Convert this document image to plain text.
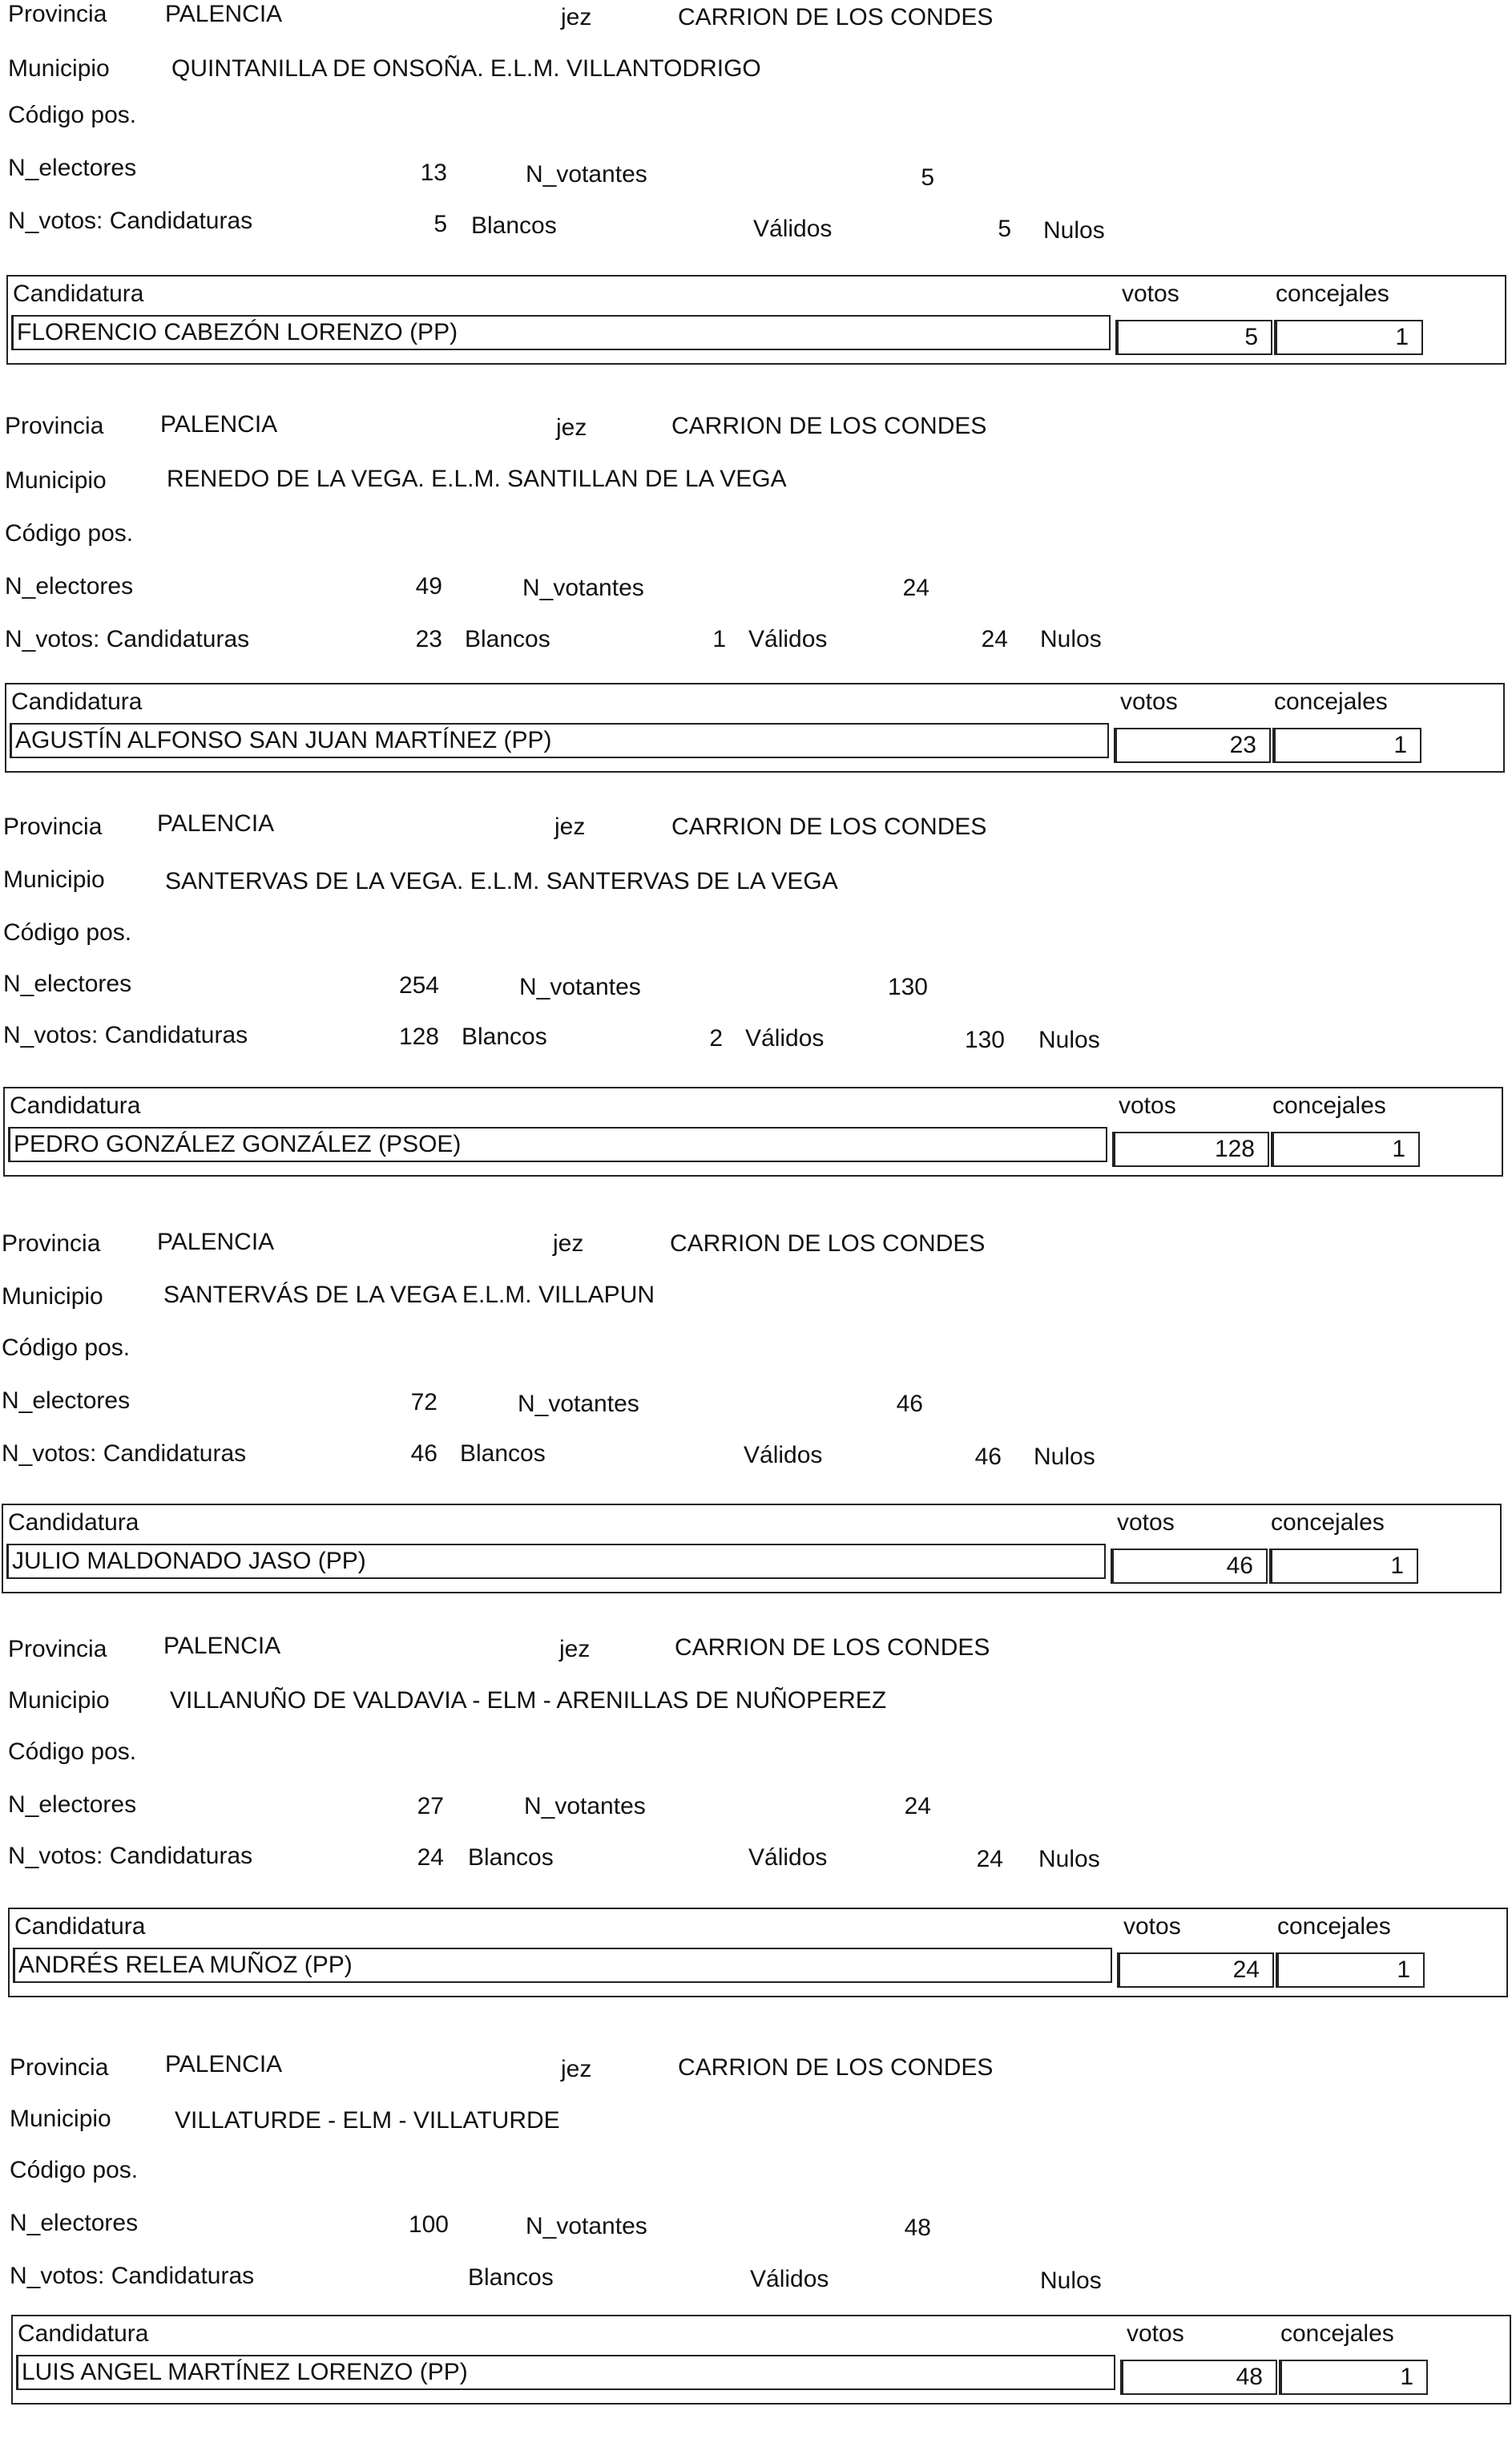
Provincia PALENCIA	jez	CARRION DE LOS CONDES
Municipio	QUINTANILLA DE ONSOÑA. E.L.M. VILLANTODRIGO
Código pos.
N_electores	13	N_votantes	5
N_votos: Candidaturas	5 Blancos	Válidos	5 Nulos
Candidatura	votos	concejales
FLORENCIO CABEZÓN LORENZO (PP)	5	1
Provincia PALENCIA	jez	CARRION DE LOS CONDES
Municipio	RENEDO DE LA VEGA. E.L.M. SANTILLAN DE LA VEGA
Código pos.
N_electores	49	N_votantes	24
N_votos: Candidaturas	23 Blancos	1 Válidos	24 Nulos
Candidatura	votos	concejales
AGUSTÍN ALFONSO SAN JUAN MARTÍNEZ (PP)	23	1
Provincia PALENCIA	jez	CARRION DE LOS CONDES
Municipio	SANTERVAS DE LA VEGA. E.L.M. SANTERVAS DE LA VEGA
Código pos.
N_electores	254	N_votantes	130
N_votos: Candidaturas	128 Blancos	2 Válidos	130 Nulos
Candidatura	votos	concejales
PEDRO GONZÁLEZ GONZÁLEZ (PSOE)	128	1
Provincia PALENCIA	jez	CARRION DE LOS CONDES
Municipio	SANTERVÁS DE LA VEGA E.L.M. VILLAPUN
Código pos.
N_electores	72	N_votantes	46
N_votos: Candidaturas	46 Blancos	Válidos	46 Nulos
Candidatura	votos	concejales
JULIO MALDONADO JASO (PP)	46	1
Provincia PALENCIA	jez	CARRION DE LOS CONDES
Municipio	VILLANUÑO DE VALDAVIA - ELM - ARENILLAS DE NUÑOPEREZ
Código pos.
N_electores	27	N_votantes	24
N_votos: Candidaturas	24 Blancos	Válidos	24 Nulos
Candidatura	votos	concejales
ANDRÉS RELEA MUÑOZ (PP)	24	1
Provincia PALENCIA	jez	CARRION DE LOS CONDES
Municipio	VILLATURDE - ELM - VILLATURDE
Código pos.
N_electores	100	N_votantes	48
N_votos: Candidaturas	Blancos	Válidos	Nulos
Candidatura	votos	concejales
LUIS ANGEL MARTÍNEZ LORENZO (PP)	48	1
